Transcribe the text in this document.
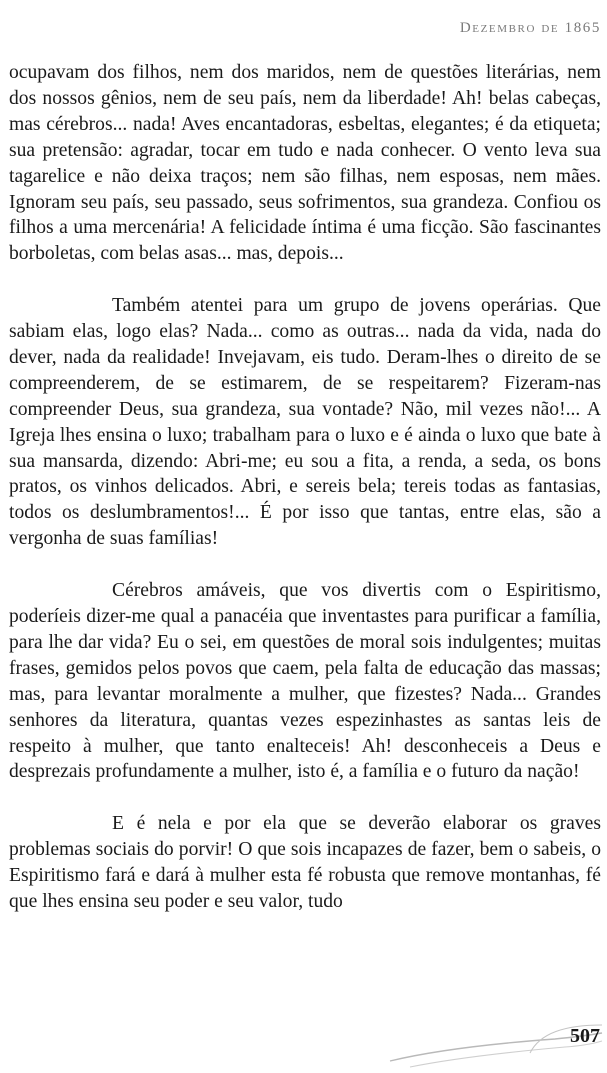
Dezembro de 1865

ocupavam dos filhos, nem dos maridos, nem de questões literárias, nem dos nossos gênios, nem de seu país, nem da liberdade! Ah! belas cabeças, mas cérebros... nada! Aves encantadoras, esbeltas, elegantes; é da etiqueta; sua pretensão: agradar, tocar em tudo e nada conhecer. O vento leva sua tagarelice e não deixa traços; nem são filhas, nem esposas, nem mães. Ignoram seu país, seu passado, seus sofrimentos, sua grandeza. Confiou os filhos a uma mercenária! A felicidade íntima é uma ficção. São fascinantes borboletas, com belas asas... mas, depois...

Também atentei para um grupo de jovens operárias. Que sabiam elas, logo elas? Nada... como as outras... nada da vida, nada do dever, nada da realidade! Invejavam, eis tudo. Deram-lhes o direito de se compreenderem, de se estimarem, de se respeitarem? Fizeram-nas compreender Deus, sua grandeza, sua vontade? Não, mil vezes não!... A Igreja lhes ensina o luxo; trabalham para o luxo e é ainda o luxo que bate à sua mansarda, dizendo: Abri-me; eu sou a fita, a renda, a seda, os bons pratos, os vinhos delicados. Abri, e sereis bela; tereis todas as fantasias, todos os deslumbramentos!... É por isso que tantas, entre elas, são a vergonha de suas famílias!

Cérebros amáveis, que vos divertis com o Espiritismo, poderíeis dizer-me qual a panacéia que inventastes para purificar a família, para lhe dar vida? Eu o sei, em questões de moral sois indulgentes; muitas frases, gemidos pelos povos que caem, pela falta de educação das massas; mas, para levantar moralmente a mulher, que fizestes? Nada... Grandes senhores da literatura, quantas vezes espezinhastes as santas leis de respeito à mulher, que tanto enalteceis! Ah! desconheceis a Deus e desprezais profundamente a mulher, isto é, a família e o futuro da nação!

E é nela e por ela que se deverão elaborar os graves problemas sociais do porvir! O que sois incapazes de fazer, bem o sabeis, o Espiritismo fará e dará à mulher esta fé robusta que remove montanhas, fé que lhes ensina seu poder e seu valor, tudo

507
